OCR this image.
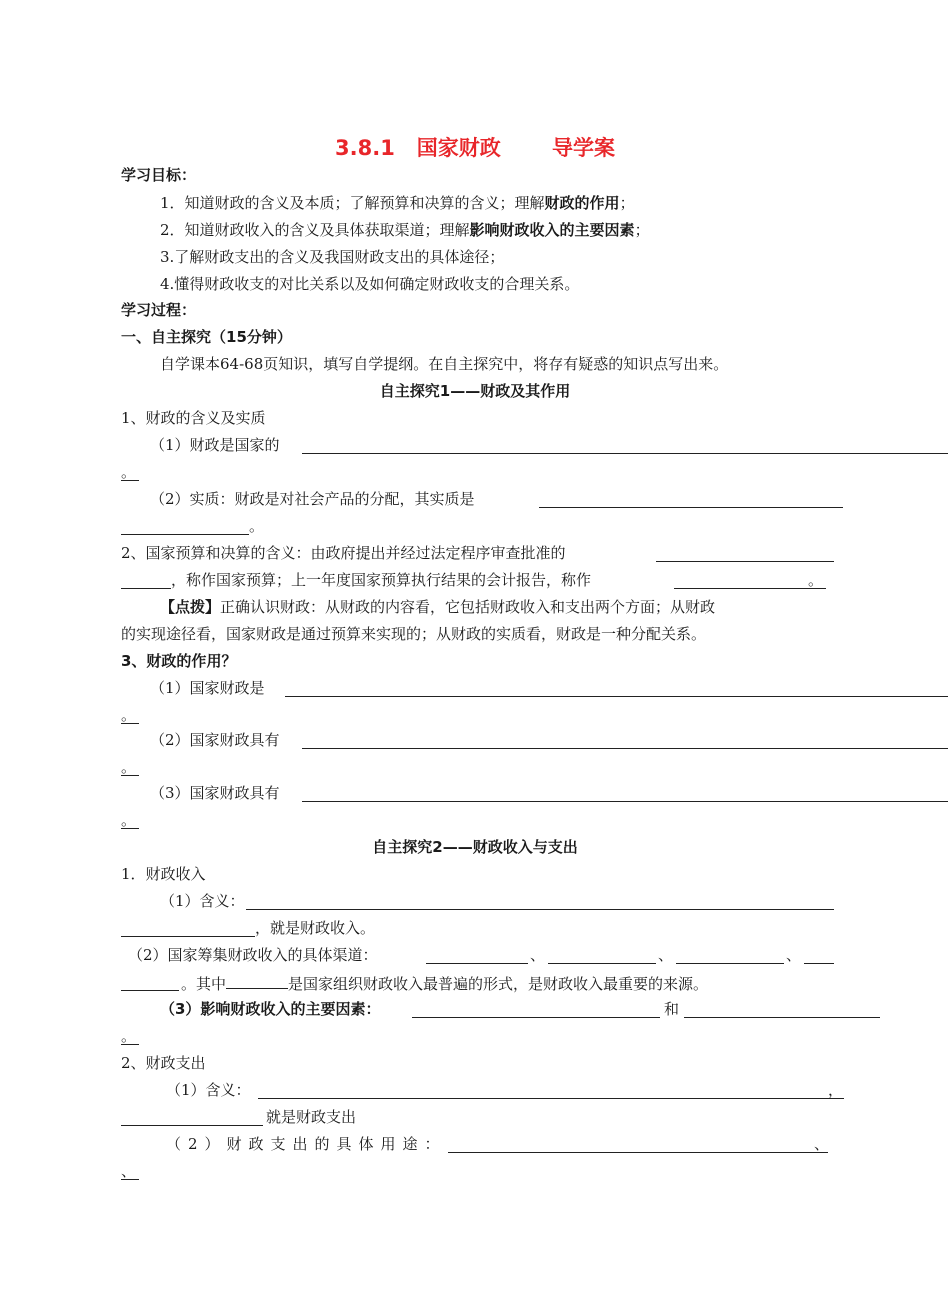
3.8.1 国家财政 导学案
学习目标：
1．知道财政的含义及本质；了解预算和决算的含义；理解财政的作用；
2．知道财政收入的含义及具体获取渠道；理解影响财政收入的主要因素；
3.了解财政支出的含义及我国财政支出的具体途径；
4.懂得财政收支的对比关系以及如何确定财政收支的合理关系。
学习过程：
一、自主探究（15分钟）
自学课本64-68页知识，填写自学提纲。在自主探究中，将存有疑惑的知识点写出来。
自主探究1——财政及其作用
1、财政的含义及实质
（1）财政是国家的
。
（2）实质：财政是对社会产品的分配，其实质是
。
2、国家预算和决算的含义：由政府提出并经过法定程序审查批准的
，称作国家预算；上一年度国家预算执行结果的会计报告，称作	。
【点拨】正确认识财政：从财政的内容看，它包括财政收入和支出两个方面；从财政
的实现途径看，国家财政是通过预算来实现的；从财政的实质看，财政是一种分配关系。
3、财政的作用？
（1）国家财政是
。
（2）国家财政具有
。
（3）国家财政具有
。
自主探究2——财政收入与支出
1．财政收入
（1）含义：
，就是财政收入。
（2）国家筹集财政收入的具体渠道：	、	、	、
。其中	是国家组织财政收入最普遍的形式，是财政收入最重要的来源。
（3）影响财政收入的主要因素：	和
。
2、财政支出
（1）含义：	，
就是财政支出
（2）财政支出的具体用途：	、
、
